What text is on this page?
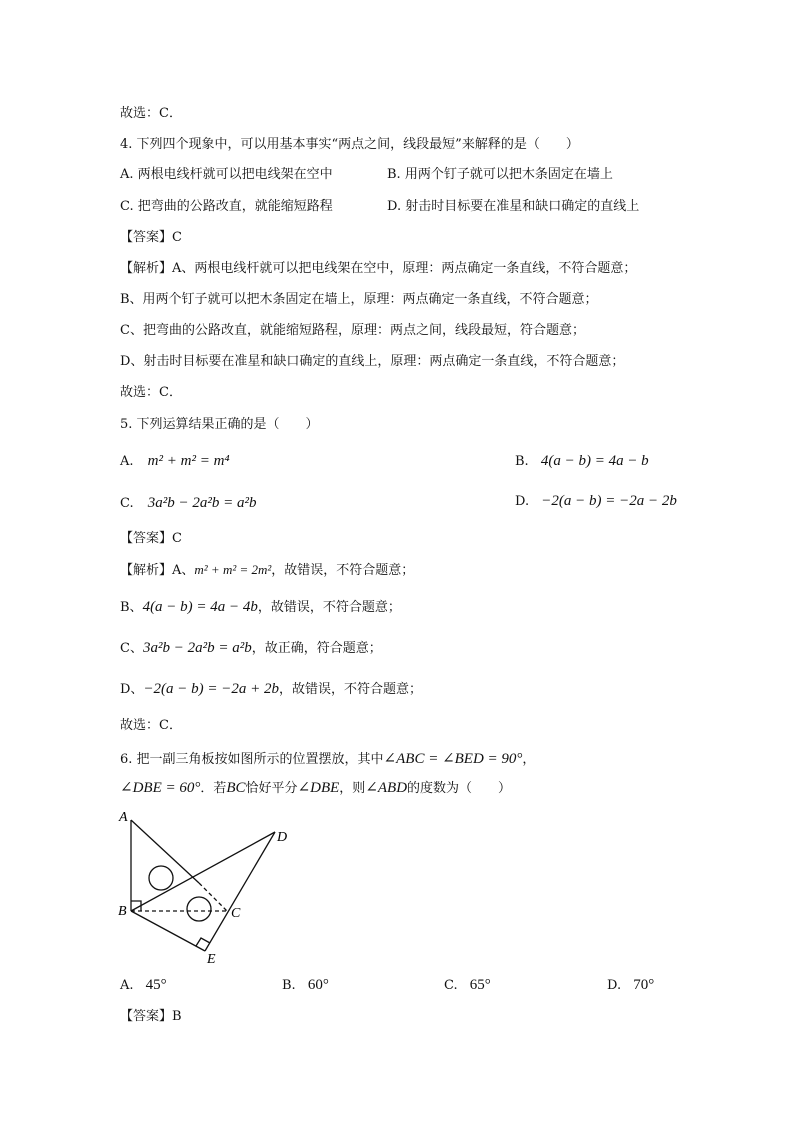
故选：C．
4. 下列四个现象中，可以用基本事实“两点之间，线段最短”来解释的是（　　）
A. 两根电线杆就可以把电线架在空中	B. 用两个钉子就可以把木条固定在墙上
C. 把弯曲的公路改直，就能缩短路程	D. 射击时目标要在准星和缺口确定的直线上
【答案】C
【解析】A、两根电线杆就可以把电线架在空中，原理：两点确定一条直线，不符合题意；
B、用两个钉子就可以把木条固定在墙上，原理：两点确定一条直线，不符合题意；
C、把弯曲的公路改直，就能缩短路程，原理：两点之间，线段最短，符合题意；
D、射击时目标要在准星和缺口确定的直线上，原理：两点确定一条直线，不符合题意；
故选：C．
5. 下列运算结果正确的是（　　）
A. m² + m² = m⁴	B. 4(a − b) = 4a − b
C. 3a²b − 2a²b = a²b	D. −2(a − b) = −2a − 2b
【答案】C
【解析】A、m² + m² = 2m²，故错误，不符合题意；
B、4(a − b) = 4a − 4b，故错误，不符合题意；
C、3a²b − 2a²b = a²b，故正确，符合题意；
D、−2(a − b) = −2a + 2b，故错误，不符合题意；
故选：C．
6. 把一副三角板按如图所示的位置摆放，其中∠ABC = ∠BED = 90°，
∠DBE = 60°．若BC恰好平分∠DBE，则∠ABD的度数为（　　）
A
B	C
D
E
A. 45°	B. 60°	C. 65°	D. 70°
【答案】B
